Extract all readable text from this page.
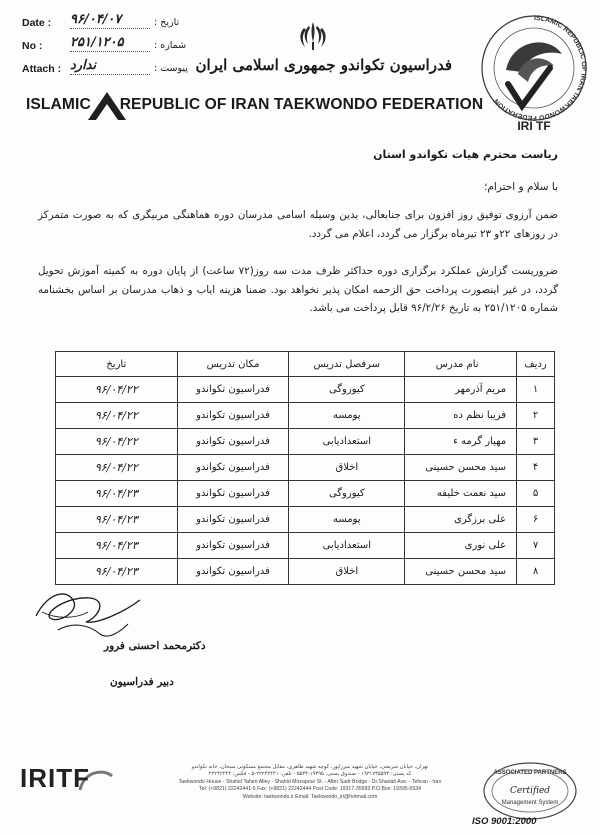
Date : ۹۶/۰۴/۰۷	تاریخ :
No : ۲۵۱/۱۲۰۵	شماره :
Attach : ندارد	پیوست : فدراسیون تکواندو جمهوری اسلامی ایران
ISLAMIC REPUBLIC OF IRAN TAEKWONDO FEDERATION
ISLAMIC REPUBLIC OF IRAN TAEKWONDO FEDERATION
IRI TF
ریاست محترم هیات تکواندو استان
با سلام و احترام؛
ضمن آرزوی توفیق روز افزون برای جنابعالی، بدین وسیله اسامی مدرسان دوره هماهنگی مربیگری که به صورت متمرکز در روزهای ۲۲و ۲۳ تیرماه برگزار می گردد، اعلام می گردد.
ضروریست گزارش عملکرد برگزاری دوره حداکثر ظرف مدت سه روز(۷۲ ساعت) از پایان دوره به کمیته آموزش تحویل گردد، در غیر اینصورت پرداخت حق الزحمه امکان پذیر نخواهد بود. ضمنا هزینه ایاب و ذهاب مدرسان بر اساس بخشنامه شماره ۲۵۱/۱۲۰۵ به تاریخ ۹۶/۲/۲۶ قابل پرداخت می باشد.
ردیف	نام مدرس	سرفصل تدریس	مکان تدریس	تاریخ
۱	مریم آذرمهر	کیوروگی	فدراسیون تکواندو	۹۶/۰۴/۲۲
۲	فریبا نظم ده	پومسه	فدراسیون تکواندو	۹۶/۰۴/۲۲
۳	مهیار گرمه ء	استعدادیابی	فدراسیون تکواندو	۹۶/۰۴/۲۲
۴	سید محسن حسینی	اخلاق	فدراسیون تکواندو	۹۶/۰۴/۲۲
۵	سید نعمت خلیفه	کیوروگی	فدراسیون تکواندو	۹۶/۰۴/۲۳
۶	علی برزگری	پومسه	فدراسیون تکواندو	۹۶/۰۴/۲۳
۷	علی نوری	استعدادیابی	فدراسیون تکواندو	۹۶/۰۴/۲۳
۸	سید محسن حسینی	اخلاق	فدراسیون تکواندو	۹۶/۰۴/۲۳
دکترمحمد احسنی فرور
دبیر فدراسیون
IRITF	تهران، خیابان شریعتی، خیابان شهید میرزاپور، کوچه شهید طاهری، مقابل مجتمع مسکونی سبحان، خانه تکواندو
کد پستی: ۱۹۳۱۷۳۵۵۹۳ - صندوق پستی: ۱۹۳۹۵-۵۵۳۴ - تلفن: ۲۲۲۴۲۴۴۱-۵ - فکس: ۲۲۲۴۲۲۴۴
Taekwondo House - Shahid Taheri Alley - Shahid Mirzapour St. - After Sadr Bridge - Dr.Shariati Ave. - Tehran - Iran
Tel: (+9821) 22242441-5 Fax: (+9821) 22242444 Post Code: 19317-35593 P.O.Box: 19395-5534
Website: taekwondo.ir Email: Taekwondo_iri@hotmail.com
ASSOCIATED PARTNERS
Certified
Management System
ISO 9001:2000
